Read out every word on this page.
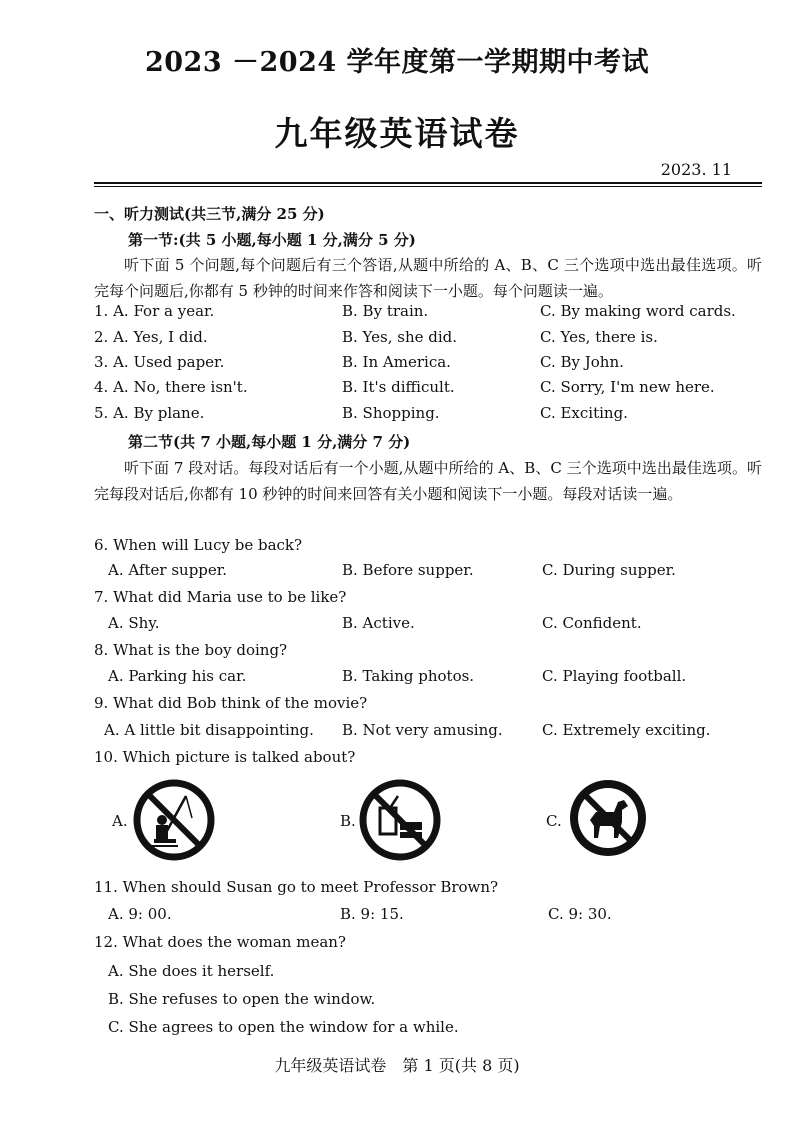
2023 －2024 学年度第一学期期中考试
九年级英语试卷
2023. 11
一、听力测试(共三节,满分 25 分)
第一节:(共 5 小题,每小题 1 分,满分 5 分)
听下面 5 个问题,每个问题后有三个答语,从题中所给的 A、B、C 三个选项中选出最佳选项。听完每个问题后,你都有 5 秒钟的时间来作答和阅读下一小题。每个问题读一遍。
1. A. For a year.	B. By train.	C. By making word cards.
2. A. Yes, I did.	B. Yes, she did.	C. Yes, there is.
3. A. Used paper.	B. In America.	C. By John.
4. A. No, there isn't.	B. It's difficult.	C. Sorry, I'm new here.
5. A. By plane.	B. Shopping.	C. Exciting.
第二节(共 7 小题,每小题 1 分,满分 7 分)
听下面 7 段对话。每段对话后有一个小题,从题中所给的 A、B、C 三个选项中选出最佳选项。听完每段对话后,你都有 10 秒钟的时间来回答有关小题和阅读下一小题。每段对话读一遍。
6. When will Lucy be back?
A. After supper.	B. Before supper.	C. During supper.
7. What did Maria use to be like?
A. Shy.	B. Active.	C. Confident.
8. What is the boy doing?
A. Parking his car.	B. Taking photos.	C. Playing football.
9. What did Bob think of the movie?
A. A little bit disappointing. B. Not very amusing.	C. Extremely exciting.
10. Which picture is talked about?
A.	B.	C.
11. When should Susan go to meet Professor Brown?
A. 9: 00.	B. 9: 15.	C. 9: 30.
12. What does the woman mean?
A. She does it herself.
B. She refuses to open the window.
C. She agrees to open the window for a while.
九年级英语试卷　第 1 页(共 8 页)
